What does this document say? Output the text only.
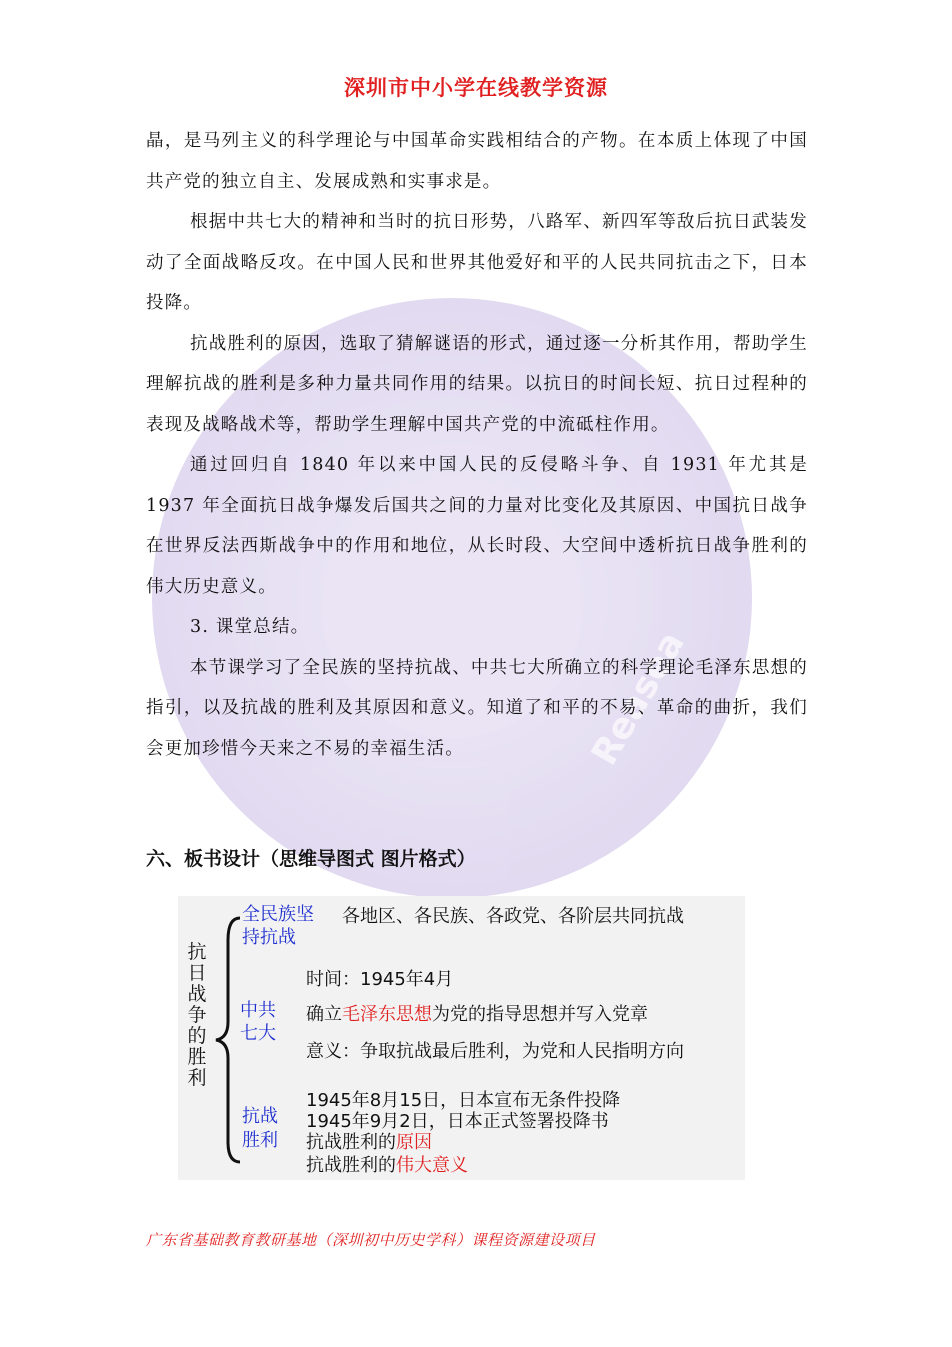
Reasea
深圳市中小学在线教学资源

晶，是马列主义的科学理论与中国革命实践相结合的产物。在本质上体现了中国共产党的独立自主、发展成熟和实事求是。

根据中共七大的精神和当时的抗日形势，八路军、新四军等敌后抗日武装发动了全面战略反攻。在中国人民和世界其他爱好和平的人民共同抗击之下，日本投降。

抗战胜利的原因，选取了猜解谜语的形式，通过逐一分析其作用，帮助学生理解抗战的胜利是多种力量共同作用的结果。以抗日的时间长短、抗日过程种的表现及战略战术等，帮助学生理解中国共产党的中流砥柱作用。

通过回归自 1840 年以来中国人民的反侵略斗争、自 1931 年尤其是 1937 年全面抗日战争爆发后国共之间的力量对比变化及其原因、中国抗日战争在世界反法西斯战争中的作用和地位，从长时段、大空间中透析抗日战争胜利的伟大历史意义。

3. 课堂总结。

本节课学习了全民族的坚持抗战、中共七大所确立的科学理论毛泽东思想的指引，以及抗战的胜利及其原因和意义。知道了和平的不易、革命的曲折，我们会更加珍惜今天来之不易的幸福生活。

六、板书设计（思维导图式 图片格式）
抗日战争的胜利
全民族坚
持抗战
各地区、各民族、各政党、各阶层共同抗战
中共
七大
时间：1945年4月
确立毛泽东思想为党的指导思想并写入党章
意义：争取抗战最后胜利，为党和人民指明方向
抗战
胜利
1945年8月15日，日本宣布无条件投降
1945年9月2日，日本正式签署投降书
抗战胜利的原因
抗战胜利的伟大意义
广东省基础教育教研基地（深圳初中历史学科）课程资源建设项目
